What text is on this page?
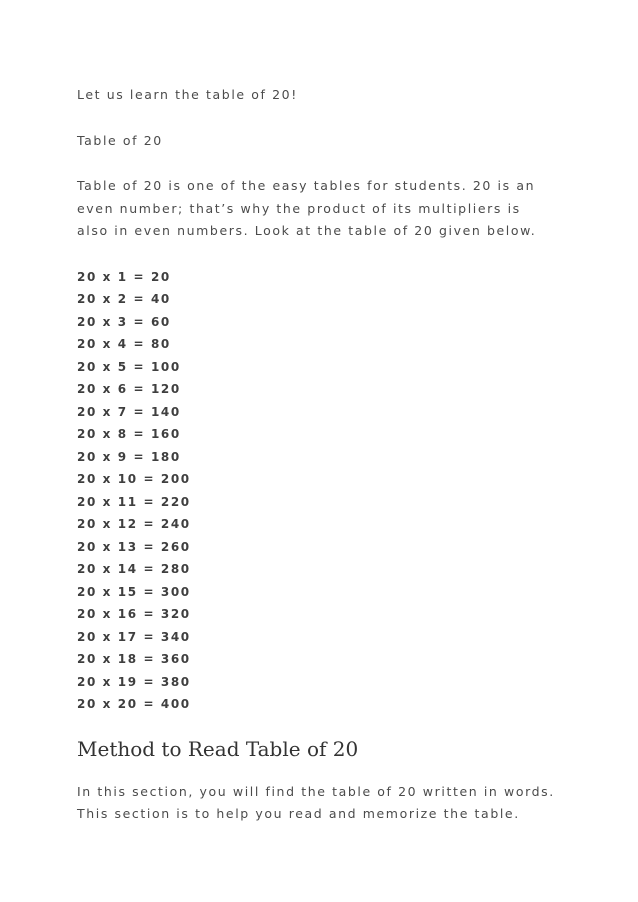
Let us learn the table of 20!

Table of 20

Table of 20 is one of the easy tables for students. 20 is an even number; that’s why the product of its multipliers is also in even numbers. Look at the table of 20 given below.

20 x 1 = 20
20 x 2 = 40
20 x 3 = 60
20 x 4 = 80
20 x 5 = 100
20 x 6 = 120
20 x 7 = 140
20 x 8 = 160
20 x 9 = 180
20 x 10 = 200
20 x 11 = 220
20 x 12 = 240
20 x 13 = 260
20 x 14 = 280
20 x 15 = 300
20 x 16 = 320
20 x 17 = 340
20 x 18 = 360
20 x 19 = 380
20 x 20 = 400
Method to Read Table of 20

In this section, you will find the table of 20 written in words. This section is to help you read and memorize the table.
